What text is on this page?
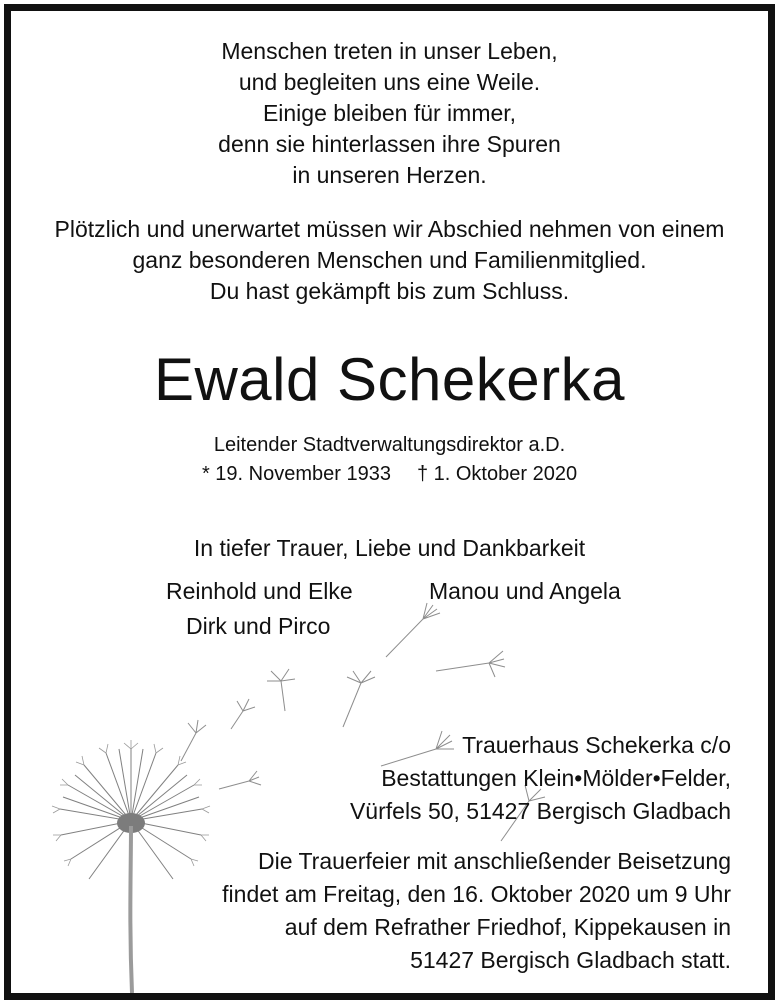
Menschen treten in unser Leben,
und begleiten uns eine Weile.
Einige bleiben für immer,
denn sie hinterlassen ihre Spuren
in unseren Herzen.
Plötzlich und unerwartet müssen wir Abschied nehmen von einem
ganz besonderen Menschen und Familienmitglied.
Du hast gekämpft bis zum Schluss.
Ewald Schekerka
Leitender Stadtverwaltungsdirektor a.D.
* 19. November 1933 † 1. Oktober 2020
In tiefer Trauer, Liebe und Dankbarkeit
Reinhold und Elke
Dirk und Pirco
Manou und Angela
Trauerhaus Schekerka c/o
Bestattungen Klein•Mölder•Felder,
Vürfels 50, 51427 Bergisch Gladbach
Die Trauerfeier mit anschließender Beisetzung
findet am Freitag, den 16. Oktober 2020 um 9 Uhr
auf dem Refrather Friedhof, Kippekausen in
51427 Bergisch Gladbach statt.
